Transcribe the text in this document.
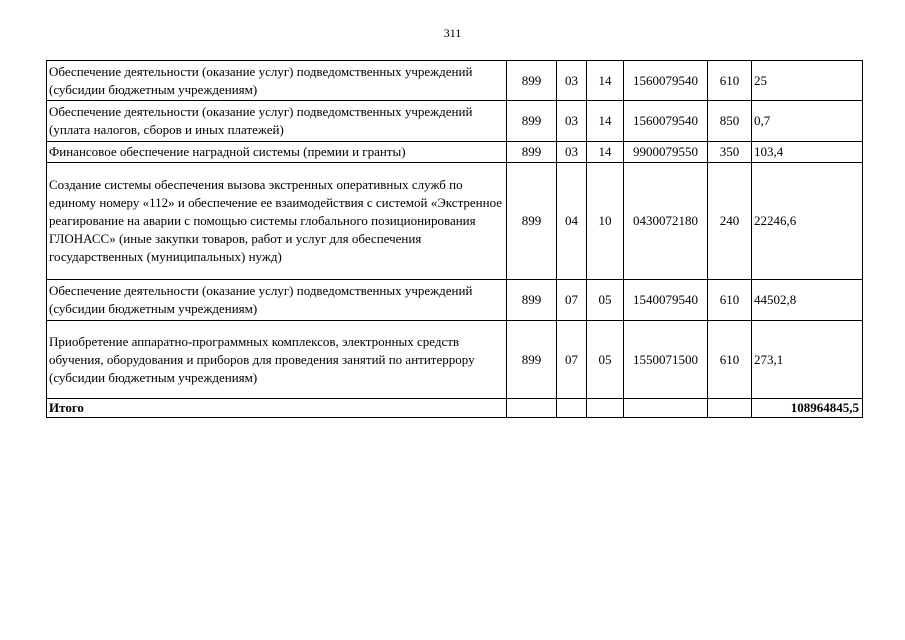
311
Обеспечение деятельности (оказание услуг) подведомственных учреждений (субсидии бюджетным учреждениям)	899	03	14	1560079540	610	25
Обеспечение деятельности (оказание услуг) подведомственных учреждений (уплата налогов, сборов и иных платежей)	899	03	14	1560079540	850	0,7
Финансовое обеспечение наградной системы (премии и гранты)	899	03	14	9900079550	350	103,4
Создание системы обеспечения вызова экстренных оперативных служб по единому номеру «112» и обеспечение ее взаимодействия с системой «Экстренное реагирование на аварии с помощью системы глобального позиционирования ГЛОНАСС» (иные закупки товаров, работ и услуг для обеспечения государственных (муниципальных) нужд)	899	04	10	0430072180	240	22246,6
Обеспечение деятельности (оказание услуг) подведомственных учреждений (субсидии бюджетным учреждениям)	899	07	05	1540079540	610	44502,8
Приобретение аппаратно-программных комплексов, электронных средств обучения, оборудования и приборов для проведения занятий по антитеррору (субсидии бюджетным учреждениям)	899	07	05	1550071500	610	273,1
Итого						108964845,5
